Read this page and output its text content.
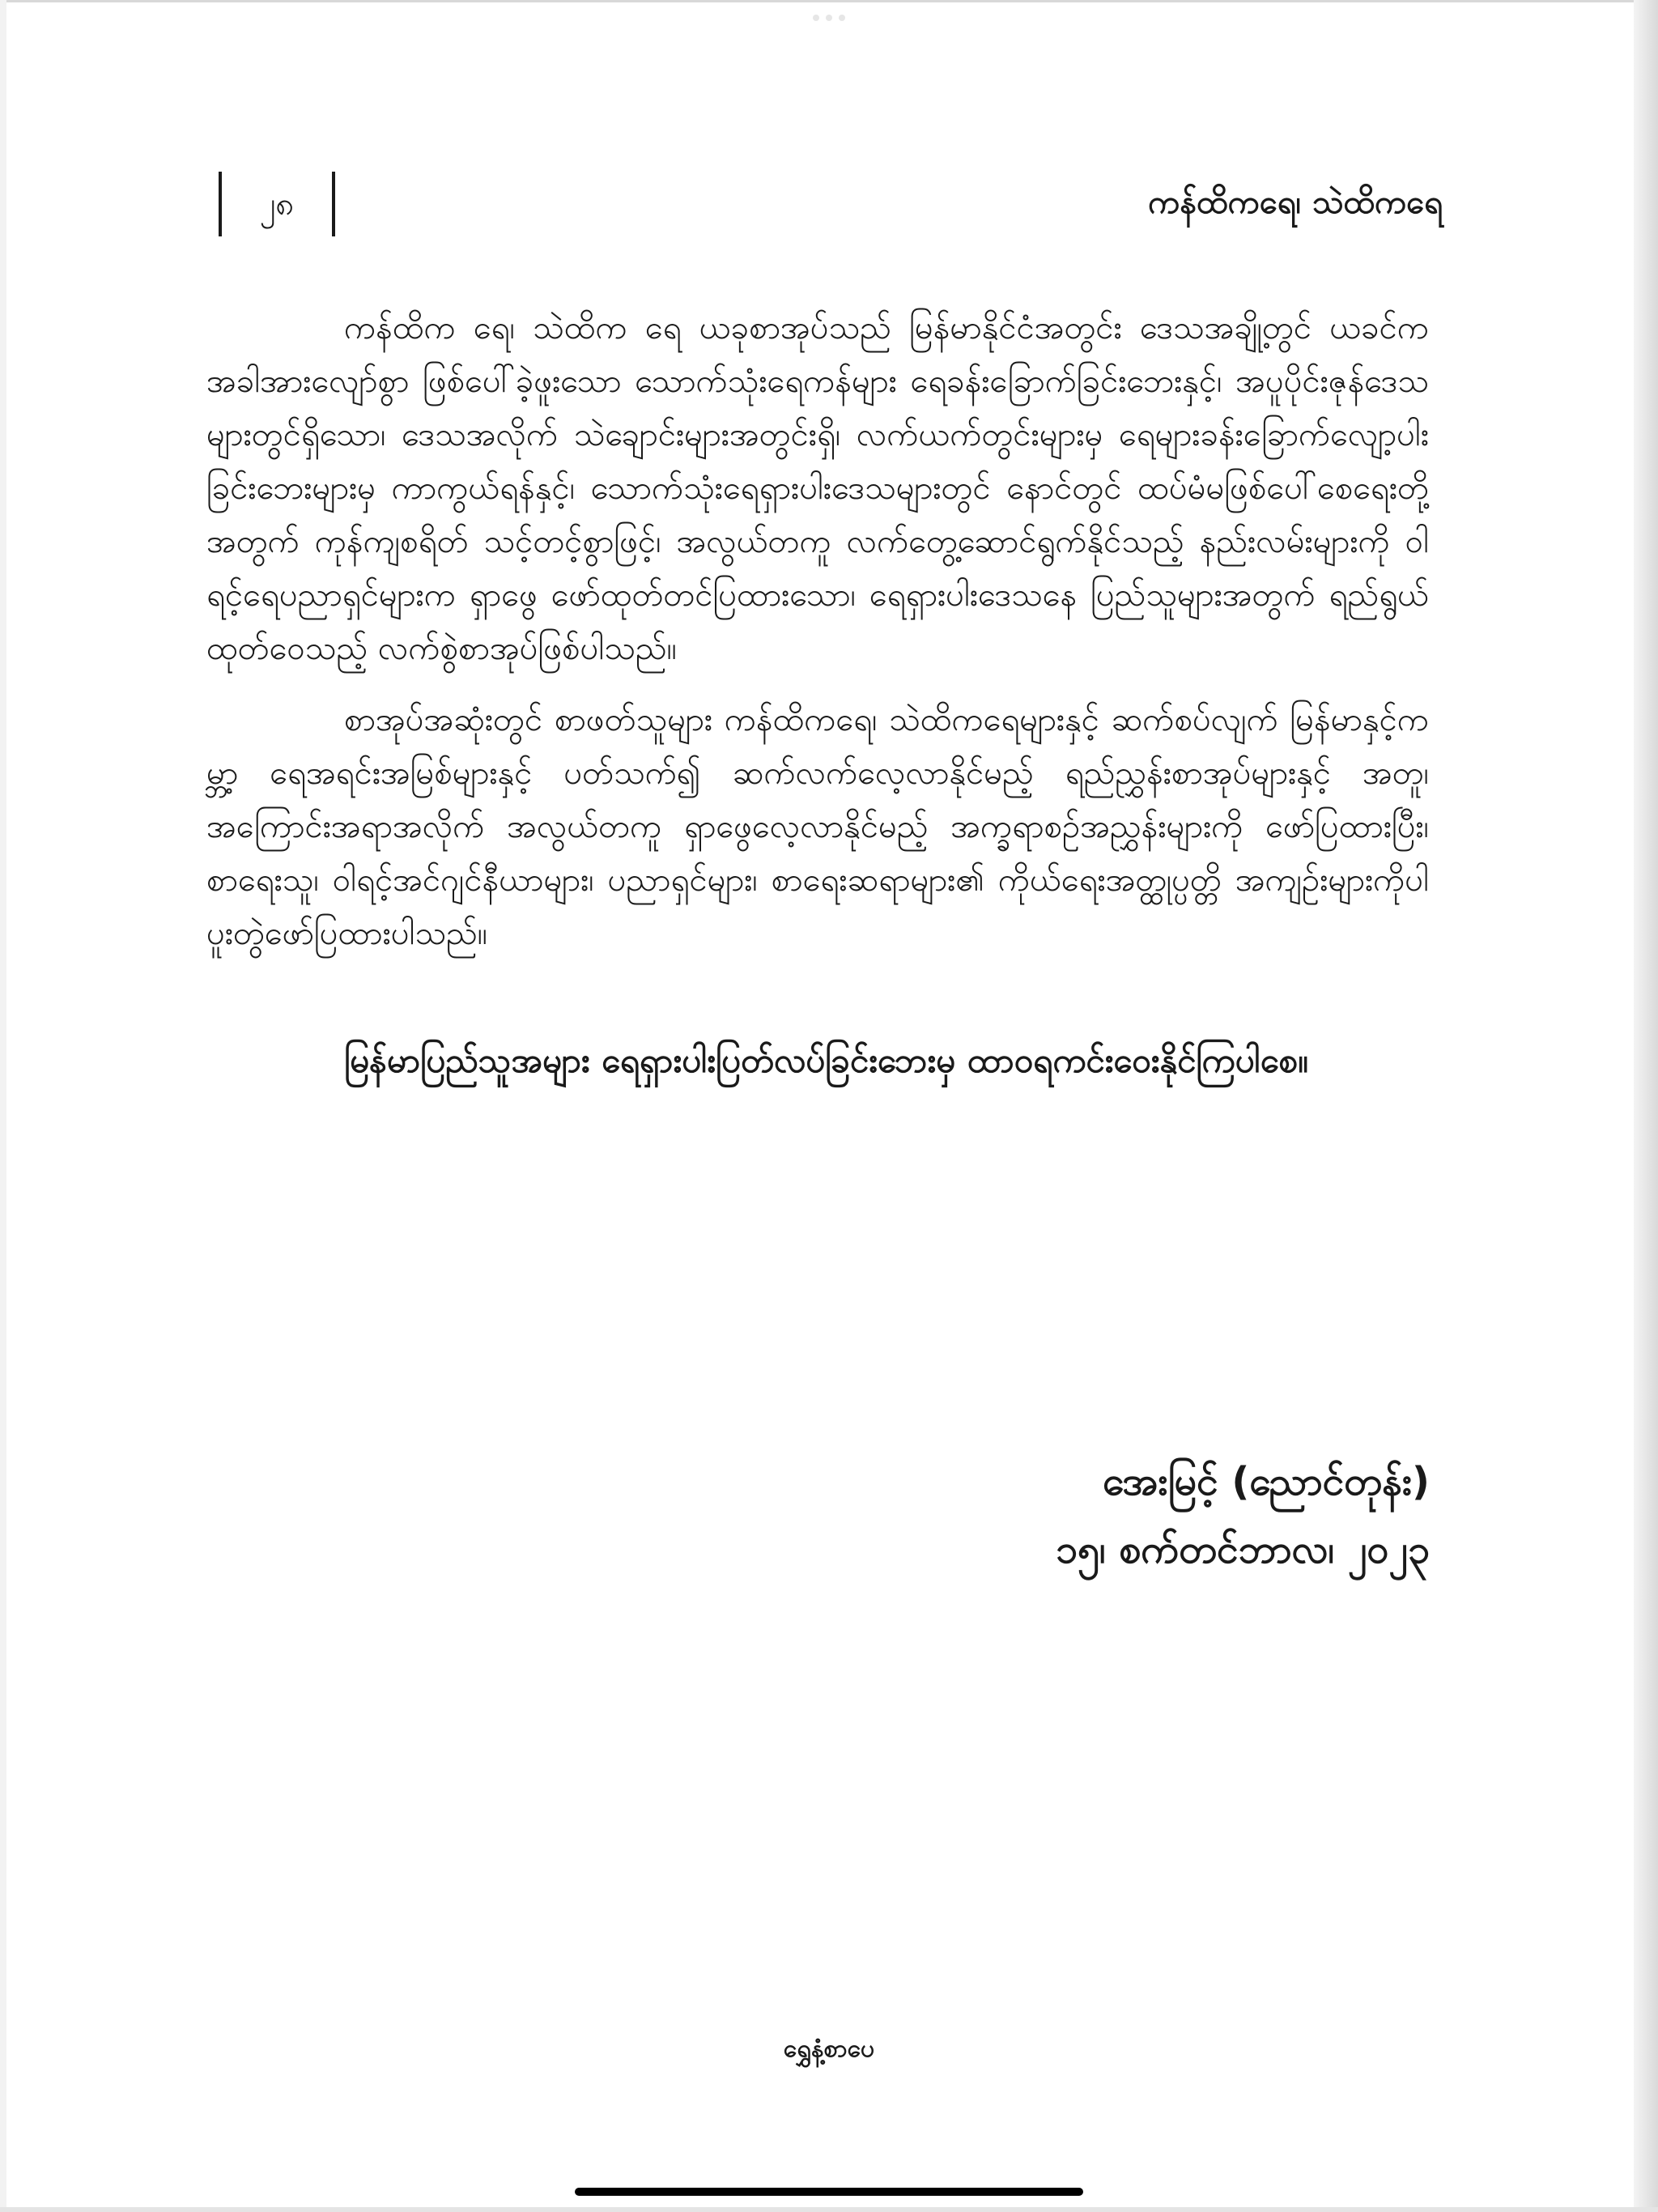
၂၈	ကန်ထိကရေ၊ သဲထိကရေ

ကန်ထိက ရေ၊ သဲထိက ရေ ယခုစာအုပ်သည် မြန်မာနိုင်ငံအတွင်း ဒေသအချို့တွင် ယခင်က အခါအားလျော်စွာ ဖြစ်ပေါ်ခဲ့ဖူးသော သောက်သုံးရေကန်များ ရေခန်းခြောက်ခြင်းဘေးနှင့်၊ အပူပိုင်းဇုန်ဒေသများတွင်ရှိသော၊ ဒေသအလိုက် သဲချောင်းများအတွင်းရှိ၊ လက်ယက်တွင်းများမှ ရေများခန်းခြောက်လျော့ပါးခြင်းဘေးများမှ ကာကွယ်ရန်နှင့်၊ သောက်သုံးရေရှားပါးဒေသများတွင် နောင်တွင် ထပ်မံမဖြစ်ပေါ်စေရေးတို့အတွက် ကုန်ကျစရိတ် သင့်တင့်စွာဖြင့်၊ အလွယ်တကူ လက်တွေ့ဆောင်ရွက်နိုင်သည့် နည်းလမ်းများကို ဝါရင့်ရေပညာရှင်များက ရှာဖွေ ဖော်ထုတ်တင်ပြထားသော၊ ရေရှားပါးဒေသနေ ပြည်သူများအတွက် ရည်ရွယ်ထုတ်ဝေသည့် လက်စွဲစာအုပ်ဖြစ်ပါသည်။

စာအုပ်အဆုံးတွင် စာဖတ်သူများ ကန်ထိကရေ၊ သဲထိကရေများနှင့် ဆက်စပ်လျက် မြန်မာနှင့်ကမ္ဘာ့ ရေအရင်းအမြစ်များနှင့် ပတ်သက်၍ ဆက်လက်လေ့လာနိုင်မည့် ရည်ညွှန်းစာအုပ်များနှင့် အတူ၊ အကြောင်းအရာအလိုက် အလွယ်တကူ ရှာဖွေလေ့လာနိုင်မည့် အက္ခရာစဉ်အညွှန်းများကို ဖော်ပြထားပြီး၊ စာရေးသူ၊ ဝါရင့်အင်ဂျင်နီယာများ၊ ပညာရှင်များ၊ စာရေးဆရာများ၏ ကိုယ်ရေးအတ္ထုပ္ပတ္တိ အကျဉ်းများကိုပါ ပူးတွဲဖော်ပြထားပါသည်။

မြန်မာပြည်သူအများ ရေရှားပါးပြတ်လပ်ခြင်းဘေးမှ ထာဝရကင်းဝေးနိုင်ကြပါစေ။

အေးမြင့် (ညောင်တုန်း)
၁၅၊ စက်တင်ဘာလ၊ ၂၀၂၃
ရွှေနံ့စာပေ
